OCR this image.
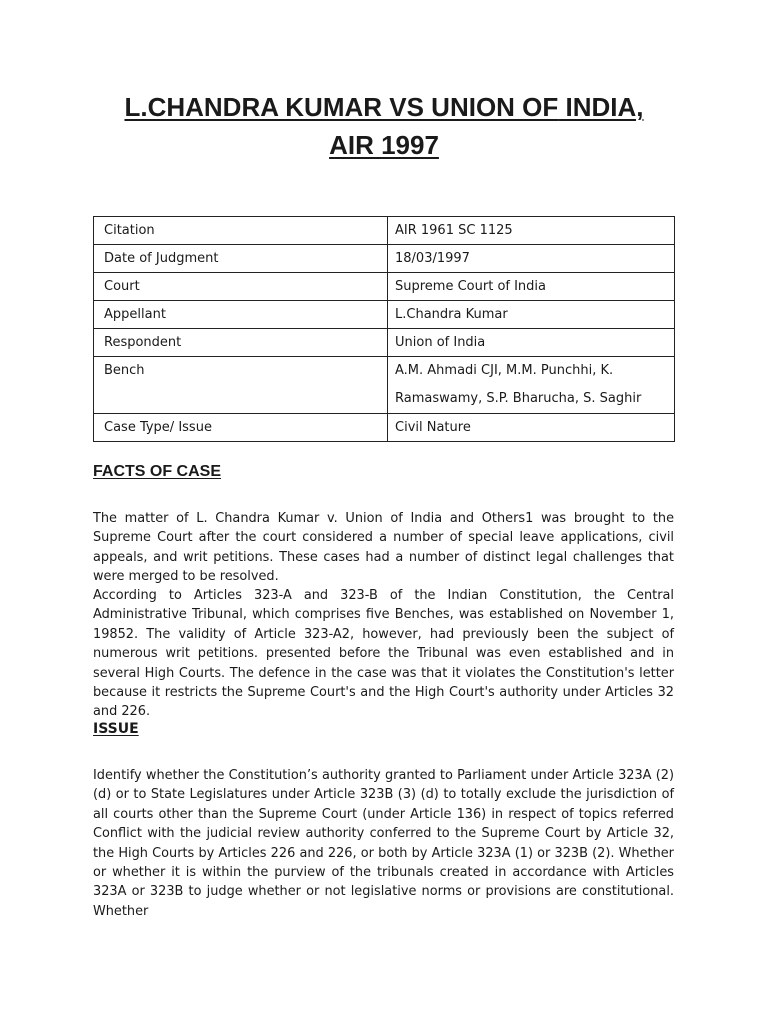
L.CHANDRA KUMAR VS UNION OF INDIA,
AIR 1997
Citation	AIR 1961 SC 1125
Date of Judgment	18/03/1997
Court	Supreme Court of India
Appellant	L.Chandra Kumar
Respondent	Union of India
Bench	A.M. Ahmadi CJI, M.M. Punchhi, K. Ramaswamy, S.P. Bharucha, S. Saghir
Case Type/ Issue	Civil Nature
FACTS OF CASE

The matter of L. Chandra Kumar v. Union of India and Others1 was brought to the Supreme Court after the court considered a number of special leave applications, civil appeals, and writ petitions. These cases had a number of distinct legal challenges that were merged to be resolved.

According to Articles 323-A and 323-B of the Indian Constitution, the Central Administrative Tribunal, which comprises five Benches, was established on November 1, 19852. The validity of Article 323-A2, however, had previously been the subject of numerous writ petitions. presented before the Tribunal was even established and in several High Courts. The defence in the case was that it violates the Constitution's letter because it restricts the Supreme Court's and the High Court's authority under Articles 32 and 226.

ISSUE

Identify whether the Constitution’s authority granted to Parliament under Article 323A (2) (d) or to State Legislatures under Article 323B (3) (d) to totally exclude the jurisdiction of all courts other than the Supreme Court (under Article 136) in respect of topics referred Conflict with the judicial review authority conferred to the Supreme Court by Article 32, the High Courts by Articles 226 and 226, or both by Article 323A (1) or 323B (2). Whether or whether it is within the purview of the tribunals created in accordance with Articles 323A or 323B to judge whether or not legislative norms or provisions are constitutional. Whether
